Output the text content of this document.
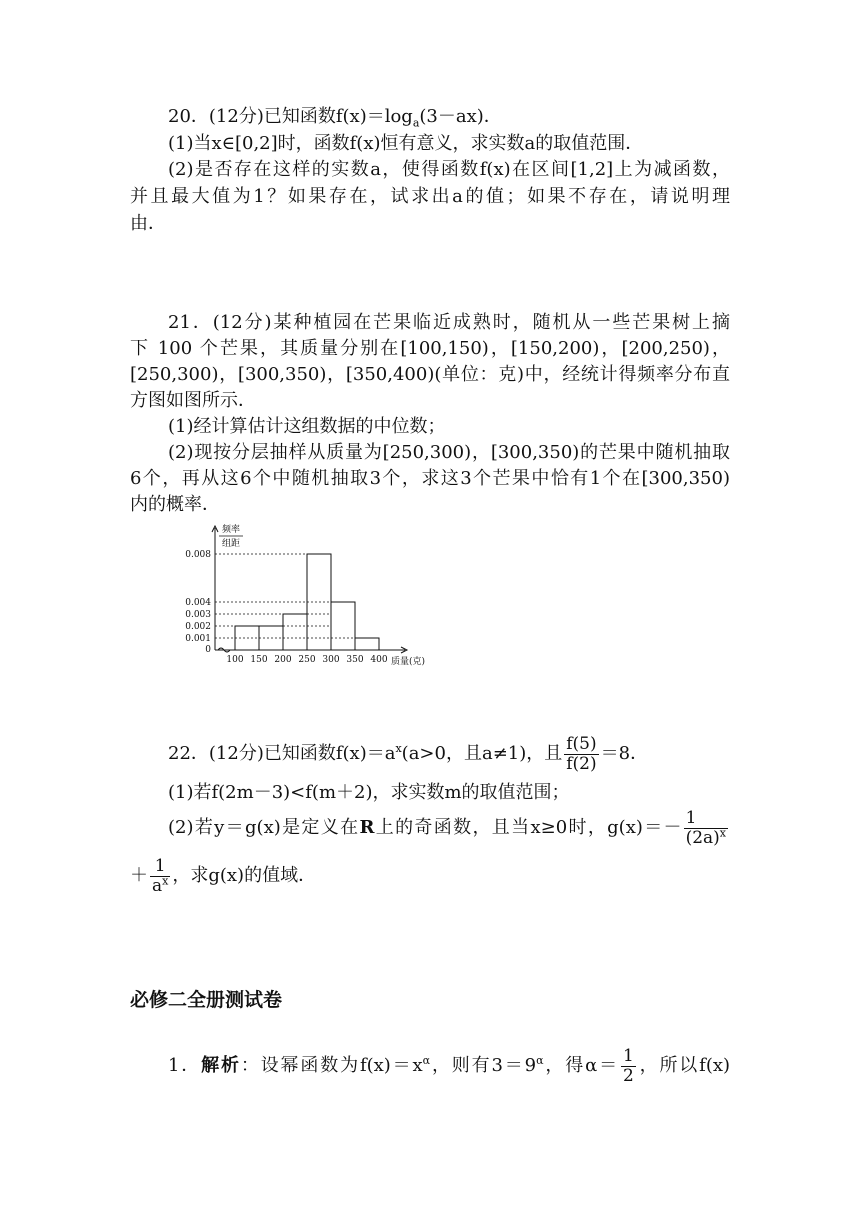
20．(12分)已知函数$f(x)=\log_a(3-ax)$．
(1)当x∈[0,2]时，函数f(x)恒有意义，求实数a的取值范围．
(2)是否存在这样的实数a，使得函数f(x)在区间[1,2]上为减函数，
并且最大值为1？如果存在，试求出a的值；如果不存在，请说明理
由．
21．(12分)某种植园在芒果临近成熟时，随机从一些芒果树上摘
下 100 个芒果，其质量分别在[100,150)，[150,200)，[200,250)，
[250,300)，[300,350)，[350,400)(单位：克)中，经统计得频率分布直
方图如图所示．
(1)经计算估计这组数据的中位数；
(2)现按分层抽样从质量为[250,300)，[300,350)的芒果中随机抽取
6个，再从这6个中随机抽取3个，求这3个芒果中恰有1个在[300,350)
内的概率．
0.008
0.004
0.003
0.002
0.001
0
100 150 200 250 300 350 400
频率
组距
质量(克)
22．(12分)已知函数$f(x)=a^x(a>0$，且a≠1)，且 $\frac{f(5)}{f(2)} =8$．
(1)若f(2m－3)<f(m＋2)，求实数m的取值范围；
(2)若y＝g(x)是定义在R上的奇函数，且当x≥0时，$g(x)=- \frac{1}{(2a)^x}$
＋ $\frac{1}{a^x}$ ，求g(x)的值域．
必修二全册测试卷
1．解析：设幂函数为$f(x)=x^\alpha$，则有$3=9^\alpha$，得$\alpha= \frac{1}{2}$ ，所以f(x)
